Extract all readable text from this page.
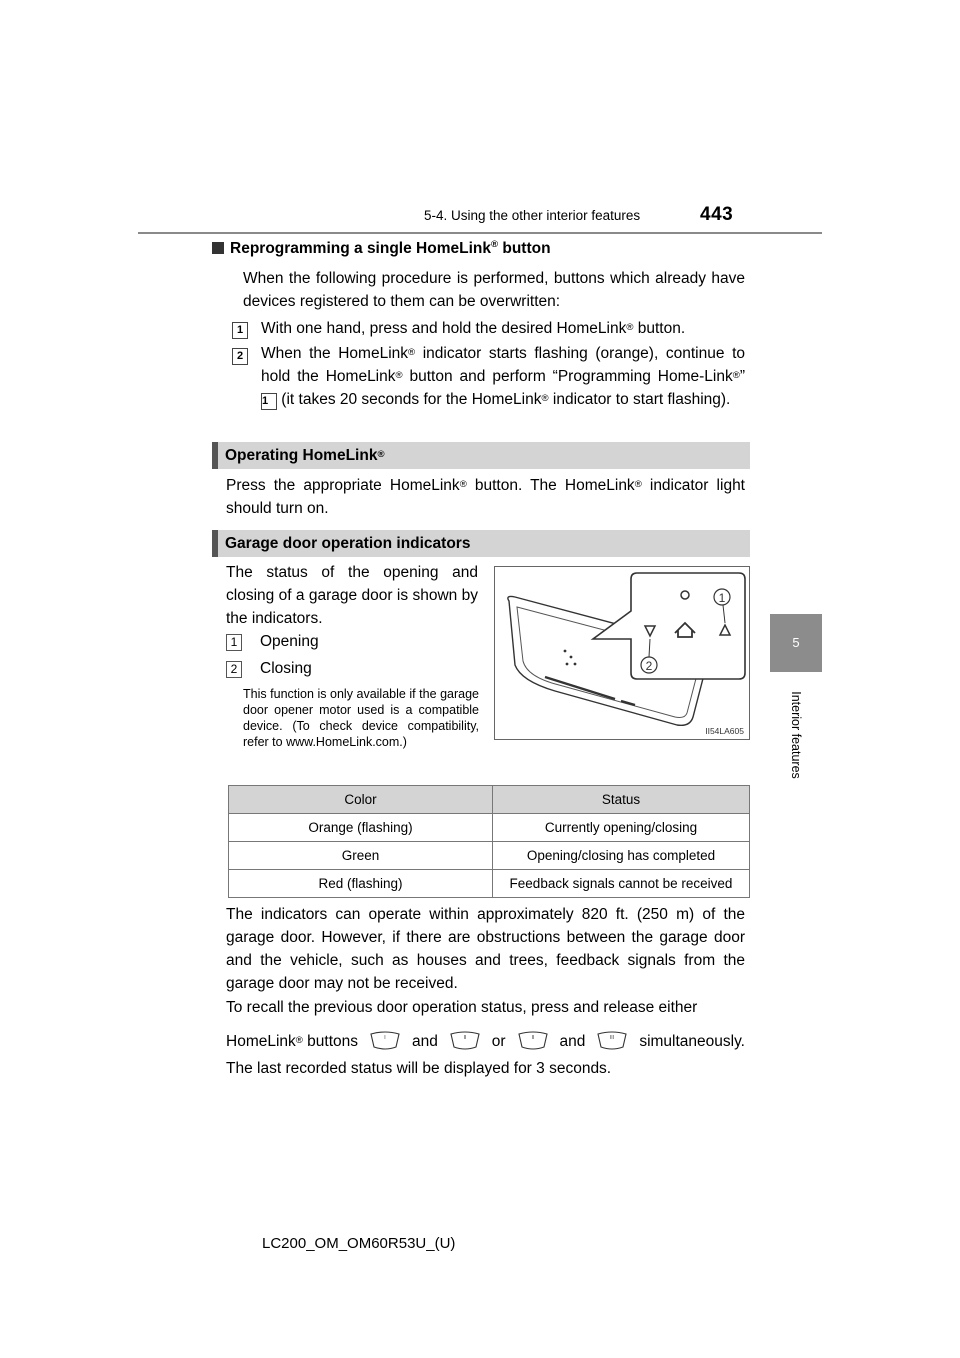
5-4. Using the other interior features	443
5
Interior features
Reprogramming a single HomeLink® button
When the following procedure is performed, buttons which already have devices registered to them can be overwritten:
1	With one hand, press and hold the desired HomeLink® button.
2	When the HomeLink® indicator starts flashing (orange), continue to hold the HomeLink® button and perform “Programming Home-Link®” 1 (it takes 20 seconds for the HomeLink® indicator to start flashing).
Operating HomeLink®
Press the appropriate HomeLink® button. The HomeLink® indicator light should turn on.
Garage door operation indicators
The status of the opening and closing of a garage door is shown by the indicators.
1	Opening
2	Closing
This function is only available if the garage door opener motor used is a compatible device. (To check device compatibility, refer to www.HomeLink.com.)
1
2
II54LA605
Color	Status
Orange (flashing)	Currently opening/closing
Green	Opening/closing has completed
Red (flashing)	Feedback signals cannot be received
The indicators can operate within approximately 820 ft. (250 m) of the garage door. However, if there are obstructions between the garage door and the vehicle, such as houses and trees, feedback signals from the garage door may not be received.
To recall the previous door operation status, press and release either
HomeLink® buttons	I and	II or	II and	III simultaneously.
The last recorded status will be displayed for 3 seconds.
LC200_OM_OM60R53U_(U)
